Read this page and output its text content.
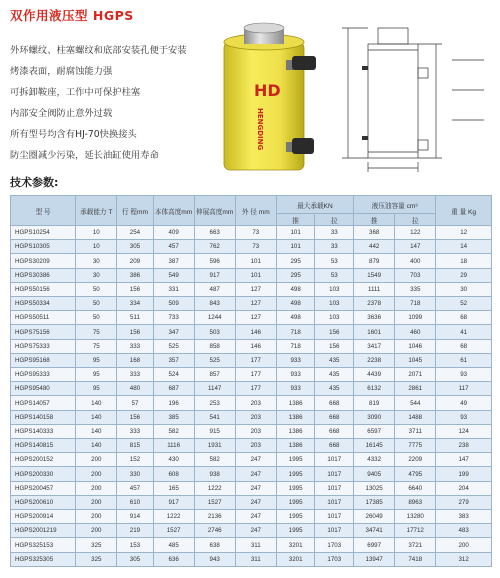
双作用液压型 HGPS
外环螺纹、柱塞螺纹和底部安装孔便于安装
烤漆表面，耐腐蚀能力强
可拆卸鞍座，工作中可保护柱塞
内部安全阀防止意外过载
所有型号均含有HJ-70快换接头
防尘圈减少污染，延长油缸使用寿命
技术参数:
HD
HENGDING
型 号	承载能力 T	行 程mm	本体高度mm	伸展高度mm	外 径 mm	最大承载KN		液压油容量 cm³		重 量 Kg
						推	拉	推	拉	
HGPS10254	10	254	409	663	73	101	33	368	122	12
HGPS10305	10	305	457	762	73	101	33	442	147	14
HGPS30209	30	209	387	596	101	295	53	879	400	18
HGPS30386	30	386	549	917	101	295	53	1549	703	29
HGPS50156	50	156	331	487	127	498	103	1111	335	30
HGPS50334	50	334	509	843	127	498	103	2378	718	52
HGPS50511	50	511	733	1244	127	498	103	3636	1099	68
HGPS75156	75	156	347	503	146	718	156	1601	460	41
HGPS75333	75	333	525	858	146	718	156	3417	1046	68
HGPS95168	95	168	357	525	177	933	435	2238	1045	61
HGPS95333	95	333	524	857	177	933	435	4439	2071	93
HGPS95480	95	480	687	1147	177	933	435	6132	2861	117
HGPS14057	140	57	196	253	203	1386	668	819	544	49
HGPS140158	140	156	385	541	203	1386	668	3090	1488	93
HGPS140333	140	333	582	915	203	1386	668	6597	3711	124
HGPS140815	140	815	1116	1931	203	1386	668	16145	7775	238
HGPS200152	200	152	430	582	247	1995	1017	4332	2209	147
HGPS200330	200	330	608	938	247	1995	1017	9405	4795	199
HGPS200457	200	457	165	1222	247	1995	1017	13025	6640	204
HGPS200610	200	610	917	1527	247	1995	1017	17385	8963	279
HGPS200914	200	914	1222	2136	247	1995	1017	26049	13280	383
HGPS2001219	200	219	1527	2746	247	1995	1017	34741	17712	483
HGPS325153	325	153	485	638	311	3201	1703	6997	3721	200
HGPS325305	325	305	636	943	311	3201	1703	13947	7418	312
